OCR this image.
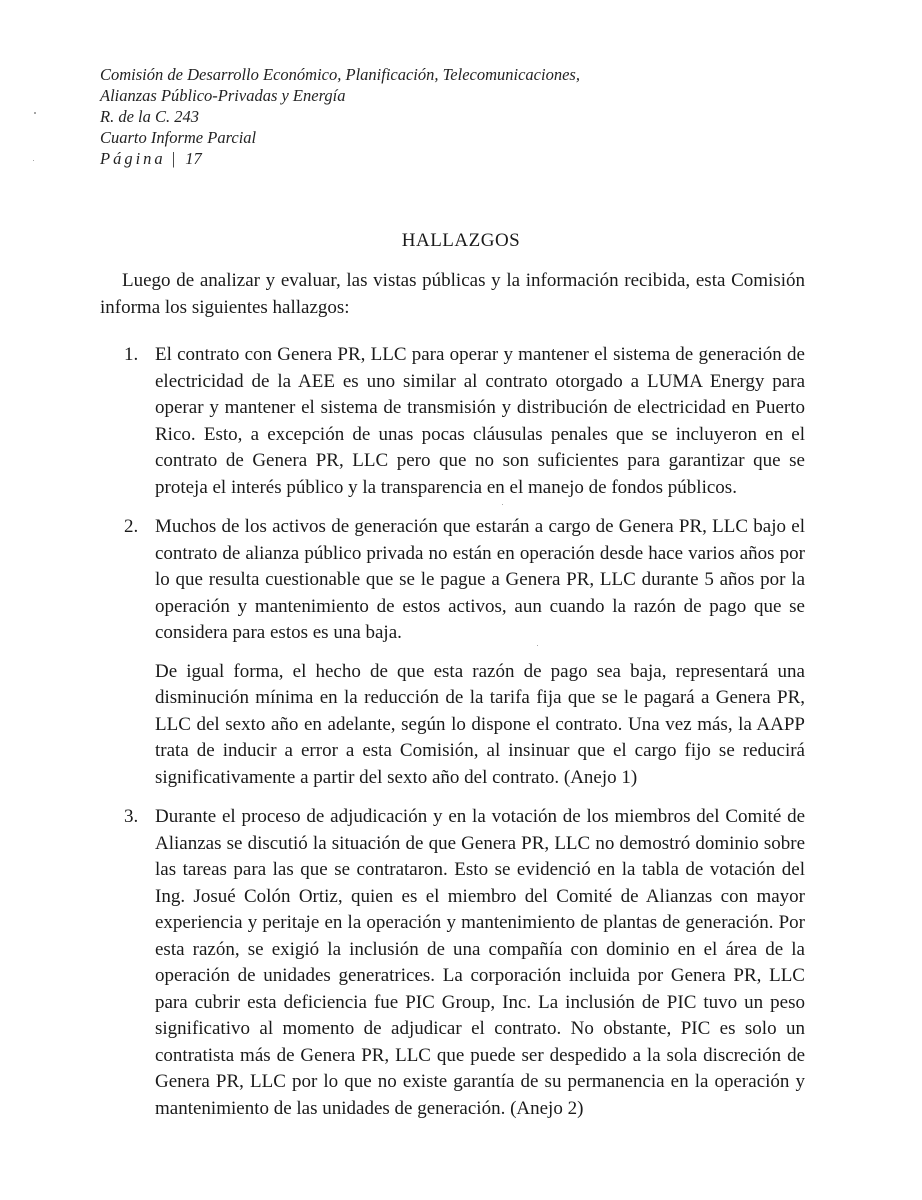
Comisión de Desarrollo Económico, Planificación, Telecomunicaciones,
Alianzas Público-Privadas y Energía
R. de la C. 243
Cuarto Informe Parcial
Página | 17
HALLAZGOS
Luego de analizar y evaluar, las vistas públicas y la información recibida, esta Comisión informa los siguientes hallazgos:
1. El contrato con Genera PR, LLC para operar y mantener el sistema de generación de electricidad de la AEE es uno similar al contrato otorgado a LUMA Energy para operar y mantener el sistema de transmisión y distribución de electricidad en Puerto Rico. Esto, a excepción de unas pocas cláusulas penales que se incluyeron en el contrato de Genera PR, LLC pero que no son suficientes para garantizar que se proteja el interés público y la transparencia en el manejo de fondos públicos.
2. Muchos de los activos de generación que estarán a cargo de Genera PR, LLC bajo el contrato de alianza público privada no están en operación desde hace varios años por lo que resulta cuestionable que se le pague a Genera PR, LLC durante 5 años por la operación y mantenimiento de estos activos, aun cuando la razón de pago que se considera para estos es una baja.
De igual forma, el hecho de que esta razón de pago sea baja, representará una disminución mínima en la reducción de la tarifa fija que se le pagará a Genera PR, LLC del sexto año en adelante, según lo dispone el contrato. Una vez más, la AAPP trata de inducir a error a esta Comisión, al insinuar que el cargo fijo se reducirá significativamente a partir del sexto año del contrato. (Anejo 1)
3. Durante el proceso de adjudicación y en la votación de los miembros del Comité de Alianzas se discutió la situación de que Genera PR, LLC no demostró dominio sobre las tareas para las que se contrataron. Esto se evidenció en la tabla de votación del Ing. Josué Colón Ortiz, quien es el miembro del Comité de Alianzas con mayor experiencia y peritaje en la operación y mantenimiento de plantas de generación. Por esta razón, se exigió la inclusión de una compañía con dominio en el área de la operación de unidades generatrices. La corporación incluida por Genera PR, LLC para cubrir esta deficiencia fue PIC Group, Inc. La inclusión de PIC tuvo un peso significativo al momento de adjudicar el contrato. No obstante, PIC es solo un contratista más de Genera PR, LLC que puede ser despedido a la sola discreción de Genera PR, LLC por lo que no existe garantía de su permanencia en la operación y mantenimiento de las unidades de generación. (Anejo 2)
